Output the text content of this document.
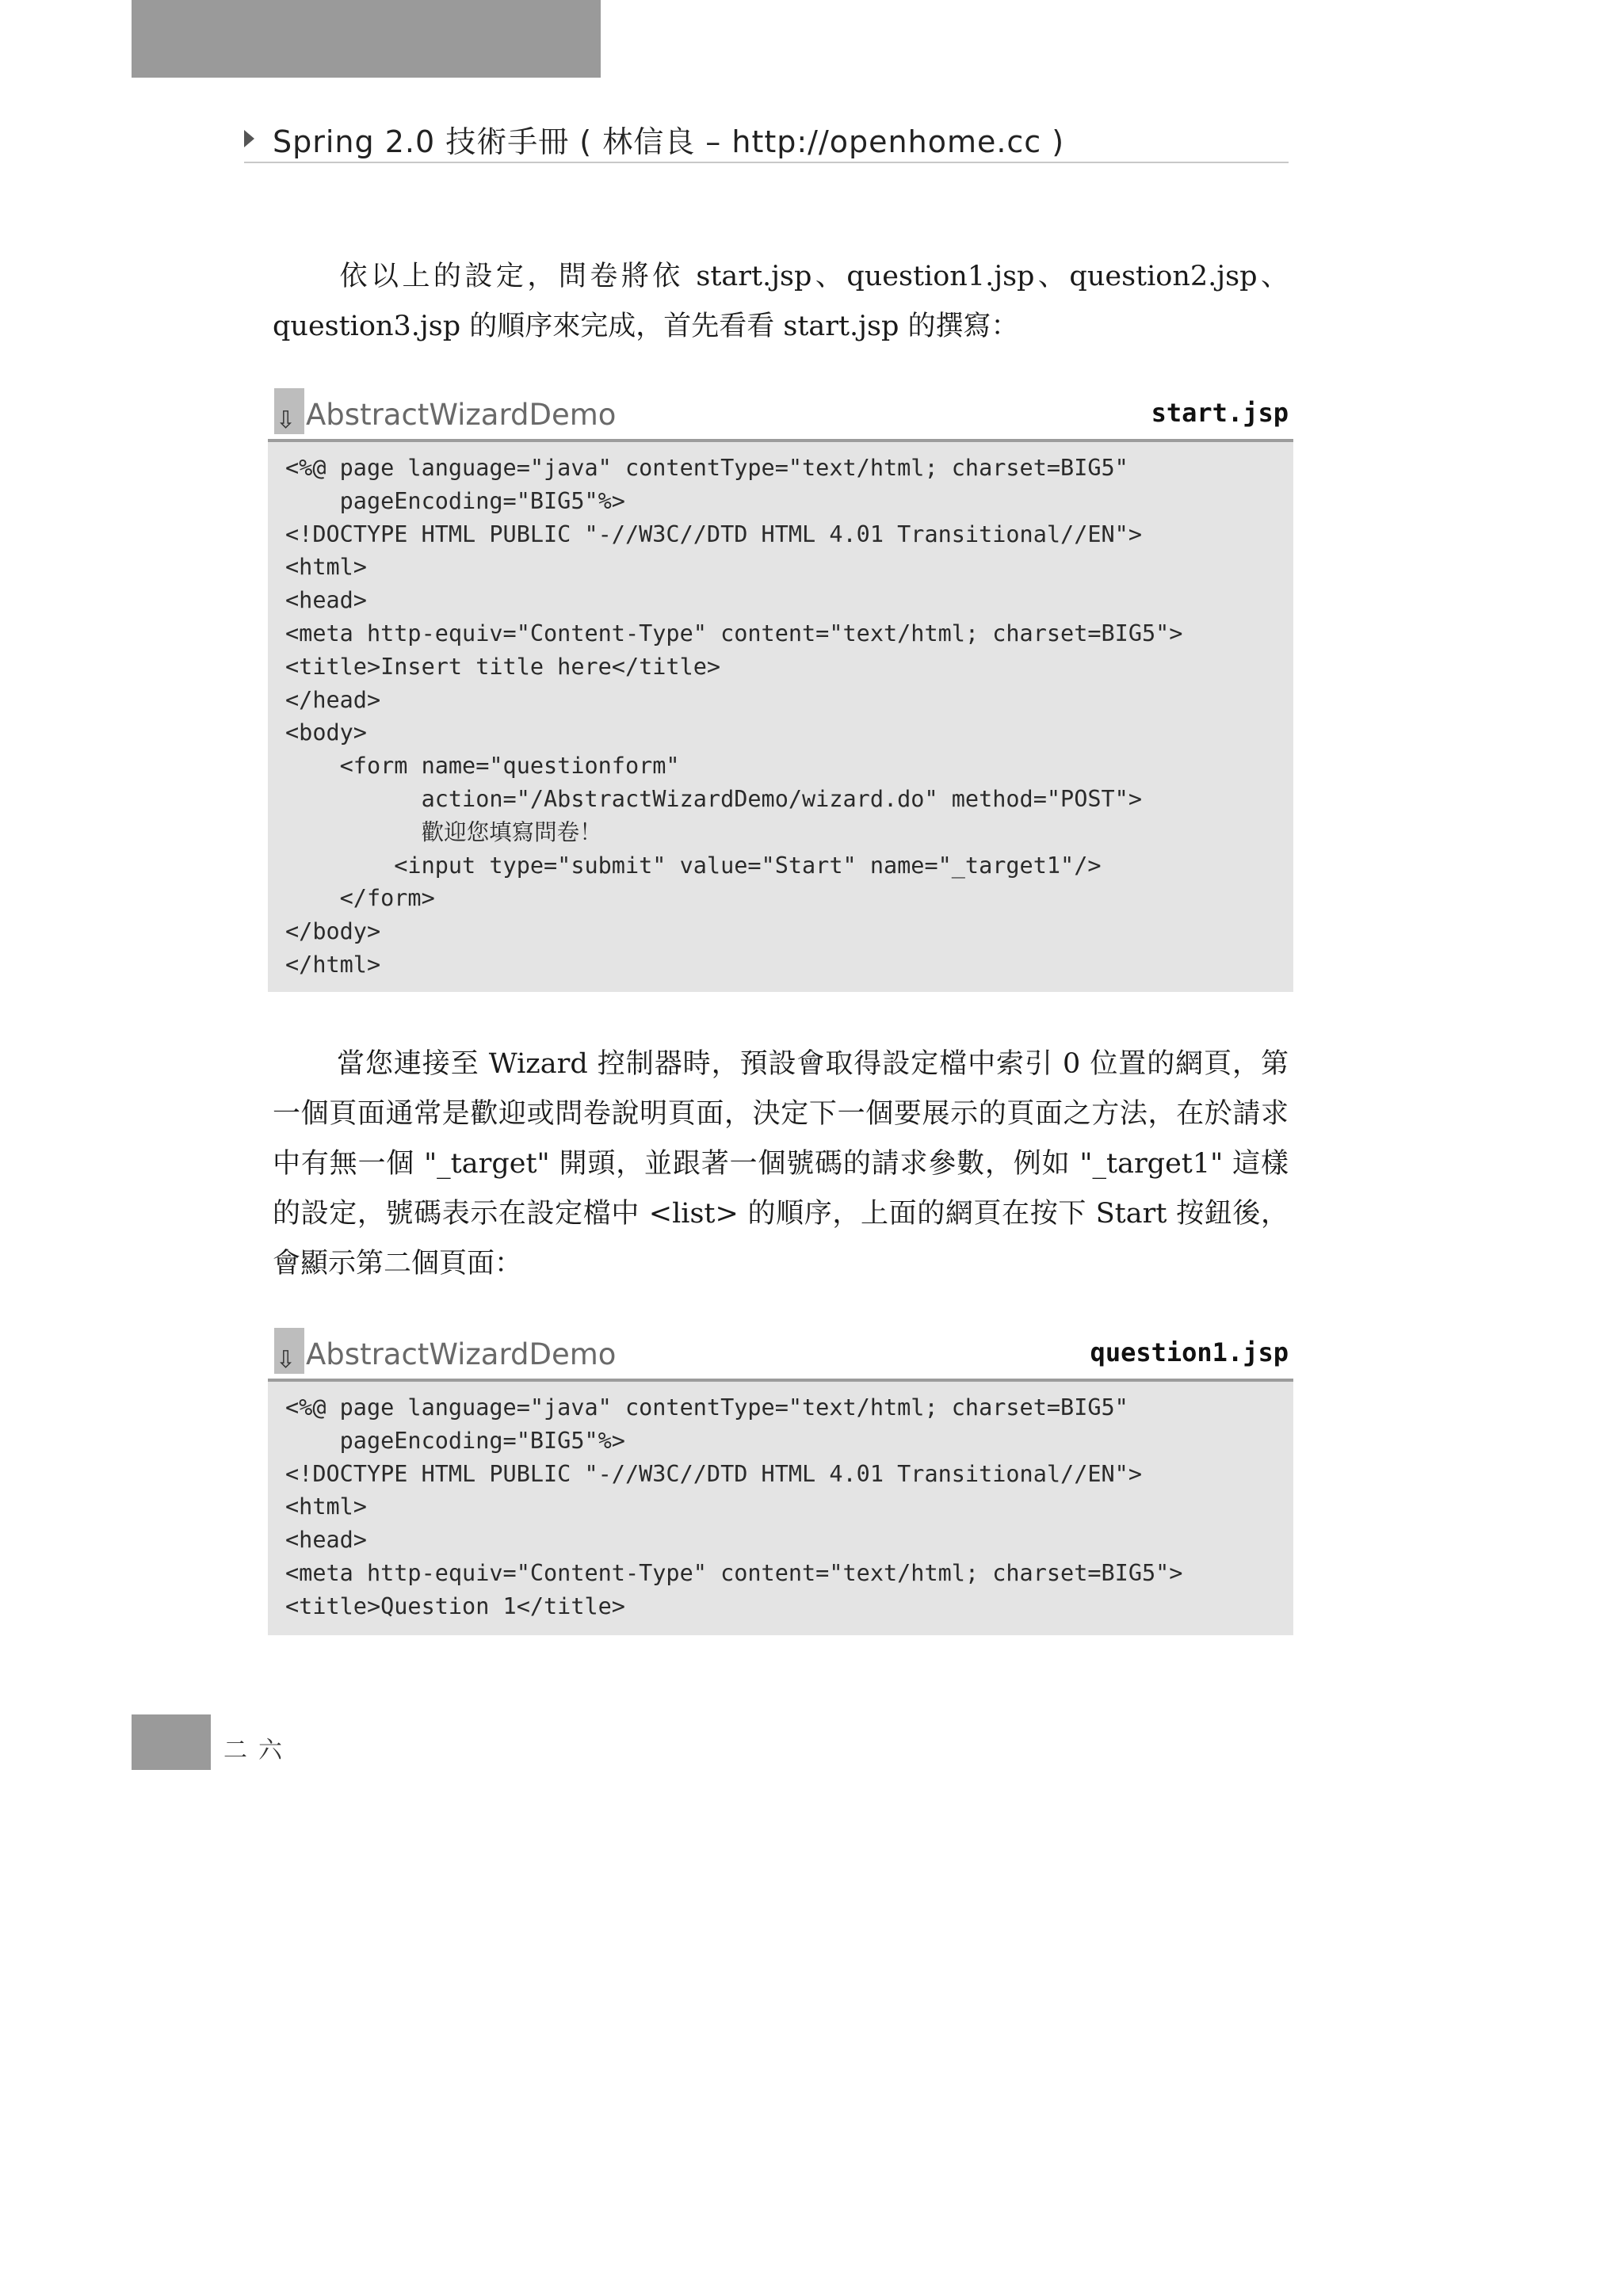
Spring 2.0 技術手冊 ( 林信良 – http://openhome.cc )
依以上的設定，問卷將依 start.jsp、question1.jsp、question2.jsp、question3.jsp 的順序來完成，首先看看 start.jsp 的撰寫：
⇩ AbstractWizardDemo	start.jsp
<%@ page language="java" contentType="text/html; charset=BIG5"
pageEncoding="BIG5"%>
<!DOCTYPE HTML PUBLIC "-//W3C//DTD HTML 4.01 Transitional//EN">
<html>
<head>
<meta http-equiv="Content-Type" content="text/html; charset=BIG5">
<title>Insert title here</title>
</head>
<body>
<form name="questionform"
action="/AbstractWizardDemo/wizard.do" method="POST">
歡迎您填寫問卷！
<input type="submit" value="Start" name="_target1"/>
</form>
</body>
</html>
當您連接至 Wizard 控制器時，預設會取得設定檔中索引 0 位置的網頁，第一個頁面通常是歡迎或問卷說明頁面，決定下一個要展示的頁面之方法，在於請求中有無一個 "_target" 開頭，並跟著一個號碼的請求參數，例如 "_target1" 這樣的設定，號碼表示在設定檔中 <list> 的順序，上面的網頁在按下 Start 按鈕後，會顯示第二個頁面：
⇩ AbstractWizardDemo	question1.jsp
<%@ page language="java" contentType="text/html; charset=BIG5"
pageEncoding="BIG5"%>
<!DOCTYPE HTML PUBLIC "-//W3C//DTD HTML 4.01 Transitional//EN">
<html>
<head>
<meta http-equiv="Content-Type" content="text/html; charset=BIG5">
<title>Question 1</title>
二六
